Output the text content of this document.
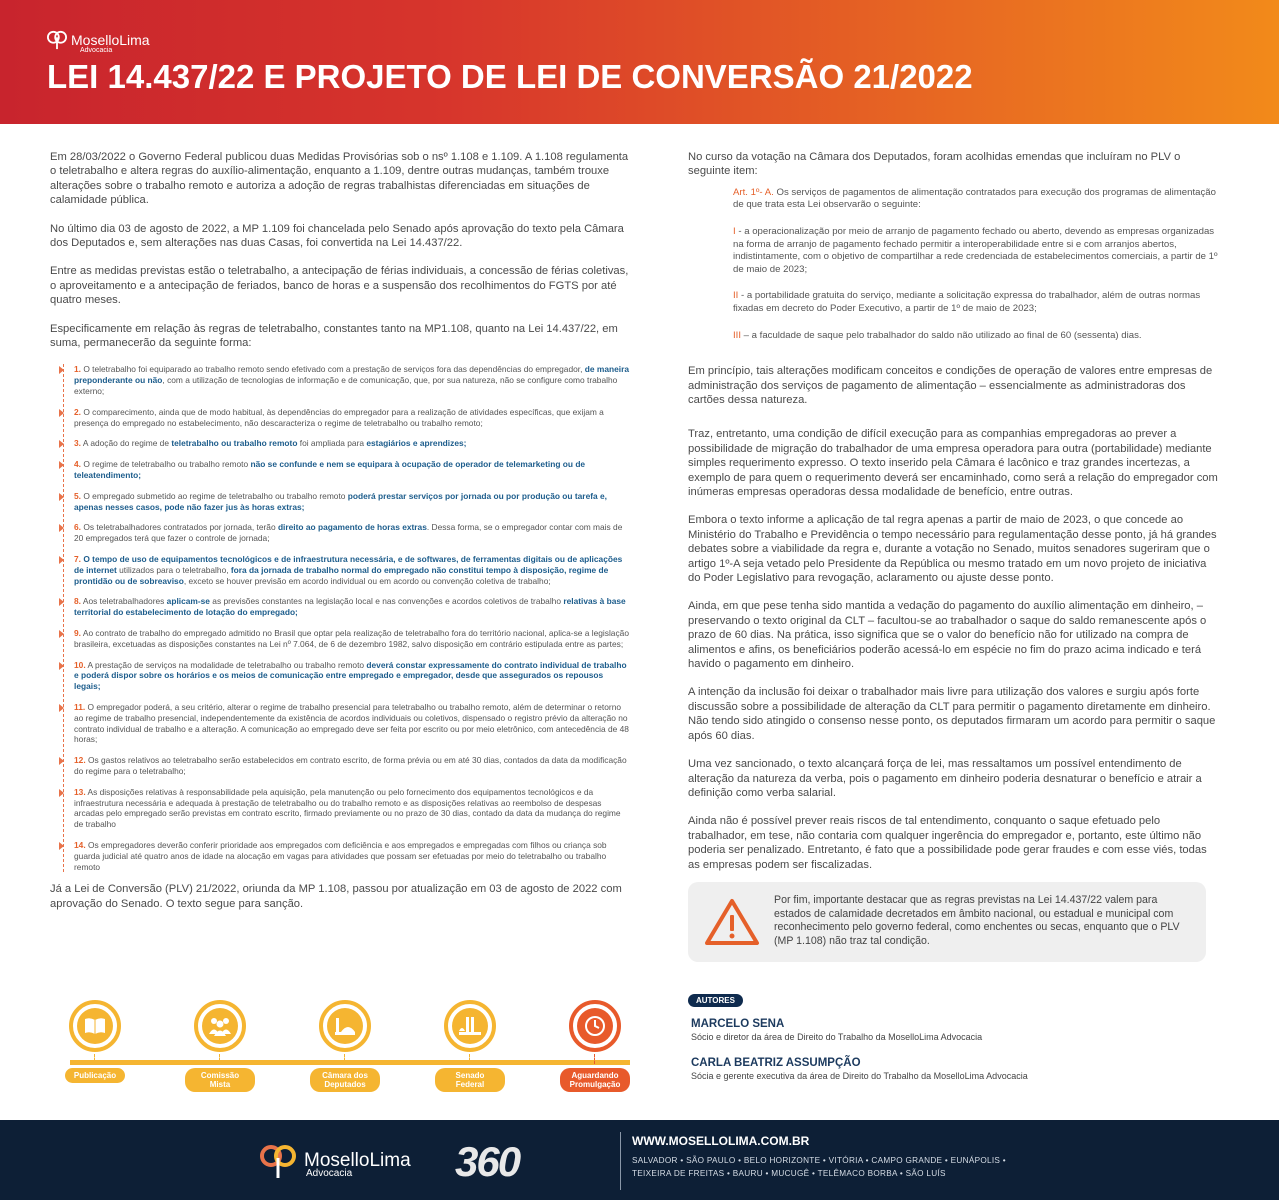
MoselloLima
Advocacia
LEI 14.437/22 E PROJETO DE LEI DE CONVERSÃO 21/2022

Em 28/03/2022 o Governo Federal publicou duas Medidas Provisórias sob o nsº 1.108 e 1.109. A 1.108 regulamenta o teletrabalho e altera regras do auxílio-alimentação, enquanto a 1.109, dentre outras mudanças, também trouxe alterações sobre o trabalho remoto e autoriza a adoção de regras trabalhistas diferenciadas em situações de calamidade pública.

No último dia 03 de agosto de 2022, a MP 1.109 foi chancelada pelo Senado após aprovação do texto pela Câmara dos Deputados e, sem alterações nas duas Casas, foi convertida na Lei 14.437/22.

Entre as medidas previstas estão o teletrabalho, a antecipação de férias individuais, a concessão de férias coletivas, o aproveitamento e a antecipação de feriados, banco de horas e a suspensão dos recolhimentos do FGTS por até quatro meses.

Especificamente em relação às regras de teletrabalho, constantes tanto na MP1.108, quanto na Lei 14.437/22, em suma, permanecerão da seguinte forma:

1. O teletrabalho foi equiparado ao trabalho remoto sendo efetivado com a prestação de serviços fora das dependências do empregador, de maneira preponderante ou não, com a utilização de tecnologias de informação e de comunicação, que, por sua natureza, não se configure como trabalho externo;
2. O comparecimento, ainda que de modo habitual, às dependências do empregador para a realização de atividades específicas, que exijam a presença do empregado no estabelecimento, não descaracteriza o regime de teletrabalho ou trabalho remoto;
3. A adoção do regime de teletrabalho ou trabalho remoto foi ampliada para estagiários e aprendizes;
4. O regime de teletrabalho ou trabalho remoto não se confunde e nem se equipara à ocupação de operador de telemarketing ou de teleatendimento;
5. O empregado submetido ao regime de teletrabalho ou trabalho remoto poderá prestar serviços por jornada ou por produção ou tarefa e, apenas nesses casos, pode não fazer jus às horas extras;
6. Os teletrabalhadores contratados por jornada, terão direito ao pagamento de horas extras. Dessa forma, se o empregador contar com mais de 20 empregados terá que fazer o controle de jornada;
7. O tempo de uso de equipamentos tecnológicos e de infraestrutura necessária, e de softwares, de ferramentas digitais ou de aplicações de internet utilizados para o teletrabalho, fora da jornada de trabalho normal do empregado não constitui tempo à disposição, regime de prontidão ou de sobreaviso, exceto se houver previsão em acordo individual ou em acordo ou convenção coletiva de trabalho;
8. Aos teletrabalhadores aplicam-se as previsões constantes na legislação local e nas convenções e acordos coletivos de trabalho relativas à base territorial do estabelecimento de lotação do empregado;
9. Ao contrato de trabalho do empregado admitido no Brasil que optar pela realização de teletrabalho fora do território nacional, aplica-se a legislação brasileira, excetuadas as disposições constantes na Lei nº 7.064, de 6 de dezembro 1982, salvo disposição em contrário estipulada entre as partes;
10. A prestação de serviços na modalidade de teletrabalho ou trabalho remoto deverá constar expressamente do contrato individual de trabalho e poderá dispor sobre os horários e os meios de comunicação entre empregado e empregador, desde que assegurados os repousos legais;
11. O empregador poderá, a seu critério, alterar o regime de trabalho presencial para teletrabalho ou trabalho remoto, além de determinar o retorno ao regime de trabalho presencial, independentemente da existência de acordos individuais ou coletivos, dispensado o registro prévio da alteração no contrato individual de trabalho e a alteração. A comunicação ao empregado deve ser feita por escrito ou por meio eletrônico, com antecedência de 48 horas;
12. Os gastos relativos ao teletrabalho serão estabelecidos em contrato escrito, de forma prévia ou em até 30 dias, contados da data da modificação do regime para o teletrabalho;
13. As disposições relativas à responsabilidade pela aquisição, pela manutenção ou pelo fornecimento dos equipamentos tecnológicos e da infraestrutura necessária e adequada à prestação de teletrabalho ou do trabalho remoto e as disposições relativas ao reembolso de despesas arcadas pelo empregado serão previstas em contrato escrito, firmado previamente ou no prazo de 30 dias, contado da data da mudança do regime de trabalho
14. Os empregadores deverão conferir prioridade aos empregados com deficiência e aos empregados e empregadas com filhos ou criança sob guarda judicial até quatro anos de idade na alocação em vagas para atividades que possam ser efetuadas por meio do teletrabalho ou trabalho remoto

Já a Lei de Conversão (PLV) 21/2022, oriunda da MP 1.108, passou por atualização em 03 de agosto de 2022 com aprovação do Senado. O texto segue para sanção.

Publicação	Comissão Mista
Câmara dos Deputados
Senado Federal
Aguardando Promulgação

No curso da votação na Câmara dos Deputados, foram acolhidas emendas que incluíram no PLV o seguinte item:

Art. 1º- A. Os serviços de pagamentos de alimentação contratados para execução dos programas de alimentação de que trata esta Lei observarão o seguinte:

I - a operacionalização por meio de arranjo de pagamento fechado ou aberto, devendo as empresas organizadas na forma de arranjo de pagamento fechado permitir a interoperabilidade entre si e com arranjos abertos, indistintamente, com o objetivo de compartilhar a rede credenciada de estabelecimentos comerciais, a partir de 1º de maio de 2023;

II - a portabilidade gratuita do serviço, mediante a solicitação expressa do trabalhador, além de outras normas fixadas em decreto do Poder Executivo, a partir de 1º de maio de 2023;

III – a faculdade de saque pelo trabalhador do saldo não utilizado ao final de 60 (sessenta) dias.

Em princípio, tais alterações modificam conceitos e condições de operação de valores entre empresas de administração dos serviços de pagamento de alimentação – essencialmente as administradoras dos cartões dessa natureza.

Traz, entretanto, uma condição de difícil execução para as companhias empregadoras ao prever a possibilidade de migração do trabalhador de uma empresa operadora para outra (portabilidade) mediante simples requerimento expresso. O texto inserido pela Câmara é lacônico e traz grandes incertezas, a exemplo de para quem o requerimento deverá ser encaminhado, como será a relação do empregador com inúmeras empresas operadoras dessa modalidade de benefício, entre outras.

Embora o texto informe a aplicação de tal regra apenas a partir de maio de 2023, o que concede ao Ministério do Trabalho e Previdência o tempo necessário para regulamentação desse ponto, já há grandes debates sobre a viabilidade da regra e, durante a votação no Senado, muitos senadores sugeriram que o artigo 1º-A seja vetado pelo Presidente da República ou mesmo tratado em um novo projeto de iniciativa do Poder Legislativo para revogação, aclaramento ou ajuste desse ponto.

Ainda, em que pese tenha sido mantida a vedação do pagamento do auxílio alimentação em dinheiro, – preservando o texto original da CLT – facultou-se ao trabalhador o saque do saldo remanescente após o prazo de 60 dias. Na prática, isso significa que se o valor do benefício não for utilizado na compra de alimentos e afins, os beneficiários poderão acessá-lo em espécie no fim do prazo acima indicado e terá havido o pagamento em dinheiro.

A intenção da inclusão foi deixar o trabalhador mais livre para utilização dos valores e surgiu após forte discussão sobre a possibilidade de alteração da CLT para permitir o pagamento diretamente em dinheiro. Não tendo sido atingido o consenso nesse ponto, os deputados firmaram um acordo para permitir o saque após 60 dias.

Uma vez sancionado, o texto alcançará força de lei, mas ressaltamos um possível entendimento de alteração da natureza da verba, pois o pagamento em dinheiro poderia desnaturar o benefício e atrair a definição como verba salarial.

Ainda não é possível prever reais riscos de tal entendimento, conquanto o saque efetuado pelo trabalhador, em tese, não contaria com qualquer ingerência do empregador e, portanto, este último não poderia ser penalizado. Entretanto, é fato que a possibilidade pode gerar fraudes e com esse viés, todas as empresas podem ser fiscalizadas.

Por fim, importante destacar que as regras previstas na Lei 14.437/22 valem para estados de calamidade decretados em âmbito nacional, ou estadual e municipal com reconhecimento pelo governo federal, como enchentes ou secas, enquanto que o PLV (MP 1.108) não traz tal condição.
AUTORES
MARCELO SENA
Sócio e diretor da área de Direito do Trabalho da MoselloLima Advocacia
CARLA BEATRIZ ASSUMPÇÃO
Sócia e gerente executiva da área de Direito do Trabalho da MoselloLima Advocacia
MoselloLima
Advocacia 360	WWW.MOSELLOLIMA.COM.BR
SALVADOR • SÃO PAULO • BELO HORIZONTE • VITÓRIA • CAMPO GRANDE • EUNÁPOLIS •
TEIXEIRA DE FREITAS • BAURU • MUCUGÊ • TELÊMACO BORBA • SÃO LUÍS
